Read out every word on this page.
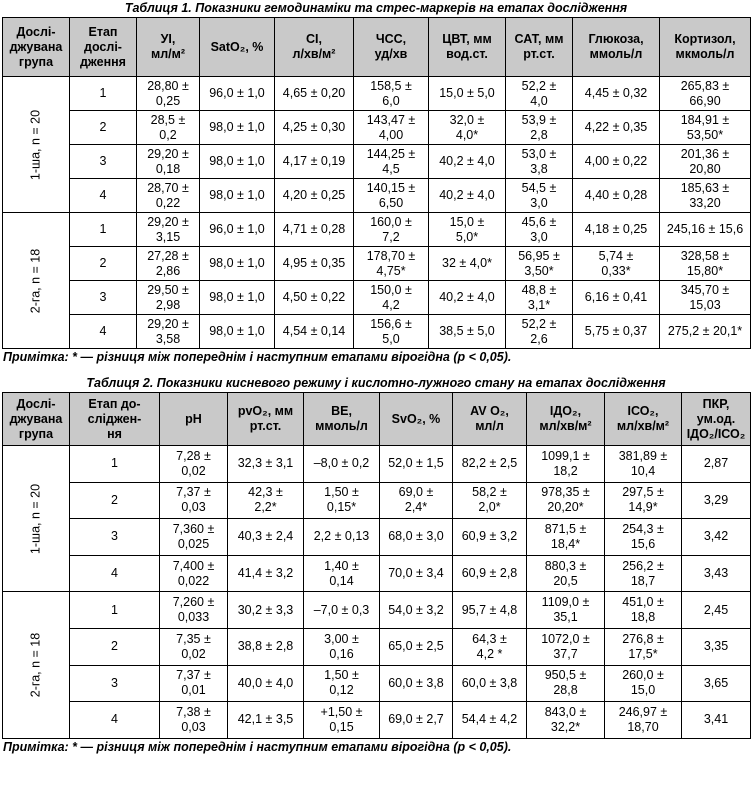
Таблиця 1. Показники гемодинаміки та стрес-маркерів на етапах дослідження
Дослі-
джувана
група	Етап
дослі-
дження	УІ,
мл/м²	SatO₂, %	СІ,
л/хв/м²	ЧСС,
уд/хв	ЦВТ, мм
вод.ст.	САТ, мм
рт.ст.	Глюкоза,
ммоль/л	Кортизол,
мкмоль/л

1-ша, n = 20	1	28,80 ±
0,25	96,0 ± 1,0	4,65 ± 0,20	158,5 ±
6,0	15,0 ± 5,0	52,2 ±
4,0	4,45 ± 0,32	265,83 ±
66,90

	2	28,5 ±
0,2	98,0 ± 1,0	4,25 ± 0,30	143,47 ±
4,00	32,0 ±
4,0*	53,9 ±
2,8	4,22 ± 0,35	184,91 ±
53,50*

	3	29,20 ±
0,18	98,0 ± 1,0	4,17 ± 0,19	144,25 ±
4,5	40,2 ± 4,0	53,0 ±
3,8	4,00 ± 0,22	201,36 ±
20,80

	4	28,70 ±
0,22	98,0 ± 1,0	4,20 ± 0,25	140,15 ±
6,50	40,2 ± 4,0	54,5 ±
3,0	4,40 ± 0,28	185,63 ±
33,20

2-га, n = 18	1	29,20 ±
3,15	96,0 ± 1,0	4,71 ± 0,28	160,0 ±
7,2	15,0 ±
5,0*	45,6 ±
3,0	4,18 ± 0,25	245,16 ± 15,6

	2	27,28 ±
2,86	98,0 ± 1,0	4,95 ± 0,35	178,70 ±
4,75*	32 ± 4,0*	56,95 ±
3,50*	5,74 ±
0,33*	328,58 ±
15,80*

	3	29,50 ±
2,98	98,0 ± 1,0	4,50 ± 0,22	150,0 ±
4,2	40,2 ± 4,0	48,8 ±
3,1*	6,16 ± 0,41	345,70 ±
15,03

	4	29,20 ±
3,58	98,0 ± 1,0	4,54 ± 0,14	156,6 ±
5,0	38,5 ± 5,0	52,2 ±
2,6	5,75 ± 0,37	275,2 ± 20,1*
Примітка: * — різниця між попереднім і наступним етапами вірогідна (р < 0,05).
Таблиця 2. Показники кисневого режиму і кислотно-лужного стану на етапах дослідження
Дослі-
джувана
група	Етап до-
сліджен-
ня	pH	pvO₂, мм
рт.ст.	ВЕ,
ммоль/л	SvO₂, %	AV O₂,
мл/л	ІДО₂,
мл/хв/м²	ІСО₂,
мл/хв/м²	ПКР,
ум.од.
ІДО₂/ІСО₂

1-ша, n = 20	1	7,28 ±
0,02	32,3 ± 3,1	–8,0 ± 0,2	52,0 ± 1,5	82,2 ± 2,5	1099,1 ±
18,2	381,89 ±
10,4	2,87

	2	7,37 ±
0,03	42,3 ±
2,2*	1,50 ±
0,15*	69,0 ±
2,4*	58,2 ±
2,0*	978,35 ±
20,20*	297,5 ±
14,9*	3,29

	3	7,360 ±
0,025	40,3 ± 2,4	2,2 ± 0,13	68,0 ± 3,0	60,9 ± 3,2	871,5 ±
18,4*	254,3 ±
15,6	3,42

	4	7,400 ±
0,022	41,4 ± 3,2	1,40 ±
0,14	70,0 ± 3,4	60,9 ± 2,8	880,3 ±
20,5	256,2 ±
18,7	3,43

2-га, n = 18	1	7,260 ±
0,033	30,2 ± 3,3	–7,0 ± 0,3	54,0 ± 3,2	95,7 ± 4,8	1109,0 ±
35,1	451,0 ±
18,8	2,45

	2	7,35 ±
0,02	38,8 ± 2,8	3,00 ±
0,16	65,0 ± 2,5	64,3 ±
4,2 *	1072,0 ±
37,7	276,8 ±
17,5*	3,35

	3	7,37 ±
0,01	40,0 ± 4,0	1,50 ±
0,12	60,0 ± 3,8	60,0 ± 3,8	950,5 ±
28,8	260,0 ±
15,0	3,65

	4	7,38 ±
0,03	42,1 ± 3,5	+1,50 ±
0,15	69,0 ± 2,7	54,4 ± 4,2	843,0 ±
32,2*	246,97 ±
18,70	3,41
Примітка: * — різниця між попереднім і наступним етапами вірогідна (р < 0,05).
